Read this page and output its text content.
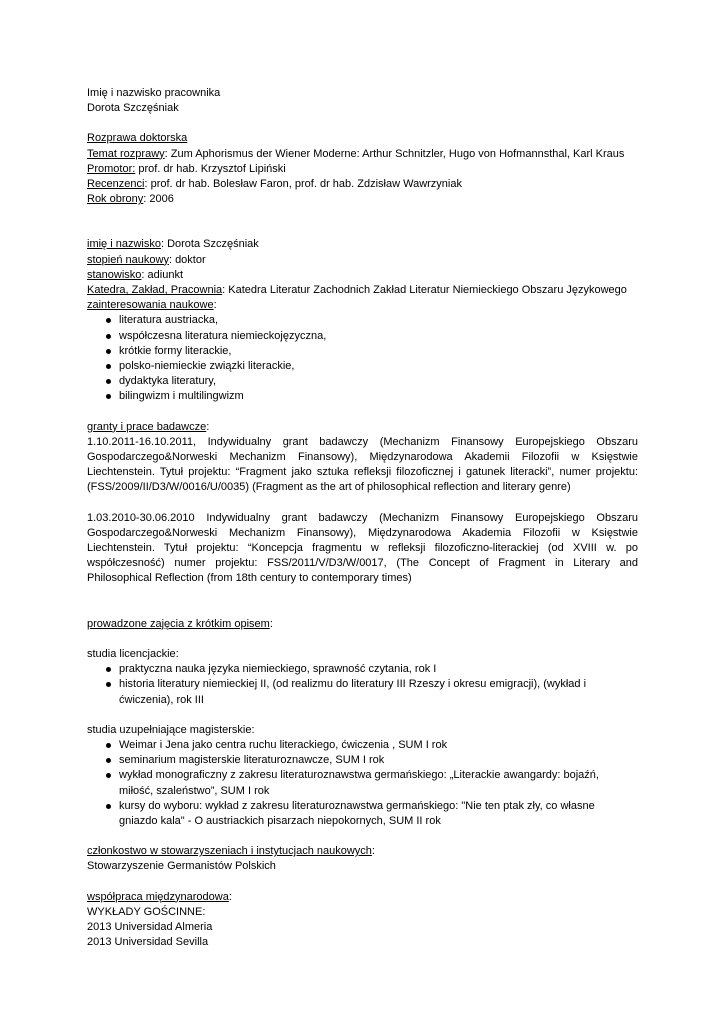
Imię i nazwisko pracownika
Dorota Szczęśniak
Rozprawa doktorska
Temat rozprawy: Zum Aphorismus der Wiener Moderne: Arthur Schnitzler, Hugo von Hofmannsthal, Karl Kraus
Promotor: prof. dr hab. Krzysztof Lipiński
Recenzenci: prof. dr hab. Bolesław Faron, prof. dr hab. Zdzisław Wawrzyniak
Rok obrony: 2006
imię i nazwisko: Dorota Szczęśniak
stopień naukowy: doktor
stanowisko: adiunkt
Katedra, Zakład, Pracownia: Katedra Literatur Zachodnich Zakład Literatur Niemieckiego Obszaru Językowego
zainteresowania naukowe:
literatura austriacka,
współczesna literatura niemieckojęzyczna,
krótkie formy literackie,
polsko-niemieckie związki literackie,
dydaktyka literatury,
bilingwizm i multilingwizm
granty i prace badawcze:
1.10.2011-16.10.2011, Indywidualny grant badawczy (Mechanizm Finansowy Europejskiego Obszaru
Gospodarczego&Norweski Mechanizm Finansowy), Międzynarodowa Akademii Filozofii w Księstwie
Liechtenstein. Tytuł projektu: “Fragment jako sztuka refleksji filozoficznej i gatunek literacki”, numer projektu:
(FSS/2009/II/D3/W/0016/U/0035) (Fragment as the art of philosophical reflection and literary genre)
1.03.2010-30.06.2010 Indywidualny grant badawczy (Mechanizm Finansowy Europejskiego Obszaru
Gospodarczego&Norweski Mechanizm Finansowy), Międzynarodowa Akademia Filozofii w Księstwie
Liechtenstein. Tytuł projektu: “Koncepcja fragmentu w refleksji filozoficzno-literackiej (od XVIII w. po
współczesność) numer projektu: FSS/2011/V/D3/W/0017, (The Concept of Fragment in Literary and
Philosophical Reflection (from 18th century to contemporary times)
prowadzone zajęcia z krótkim opisem:
studia licencjackie:
praktyczna nauka języka niemieckiego, sprawność czytania, rok I
historia literatury niemieckiej II, (od realizmu do literatury III Rzeszy i okresu emigracji), (wykład i
ćwiczenia), rok III
studia uzupełniające magisterskie:
Weimar i Jena jako centra ruchu literackiego, ćwiczenia , SUM I rok
seminarium magisterskie literaturoznawcze, SUM I rok
wykład monograficzny z zakresu literaturoznawstwa germańskiego: „Literackie awangardy: bojaźń,
miłość, szaleństwo”, SUM I rok
kursy do wyboru: wykład z zakresu literaturoznawstwa germańskiego: "Nie ten ptak zły, co własne
gniazdo kala" - O austriackich pisarzach niepokornych, SUM II rok
członkostwo w stowarzyszeniach i instytucjach naukowych:
Stowarzyszenie Germanistów Polskich
współpraca międzynarodowa:
WYKŁADY GOŚCINNE:
2013 Universidad Almeria
2013 Universidad Sevilla
